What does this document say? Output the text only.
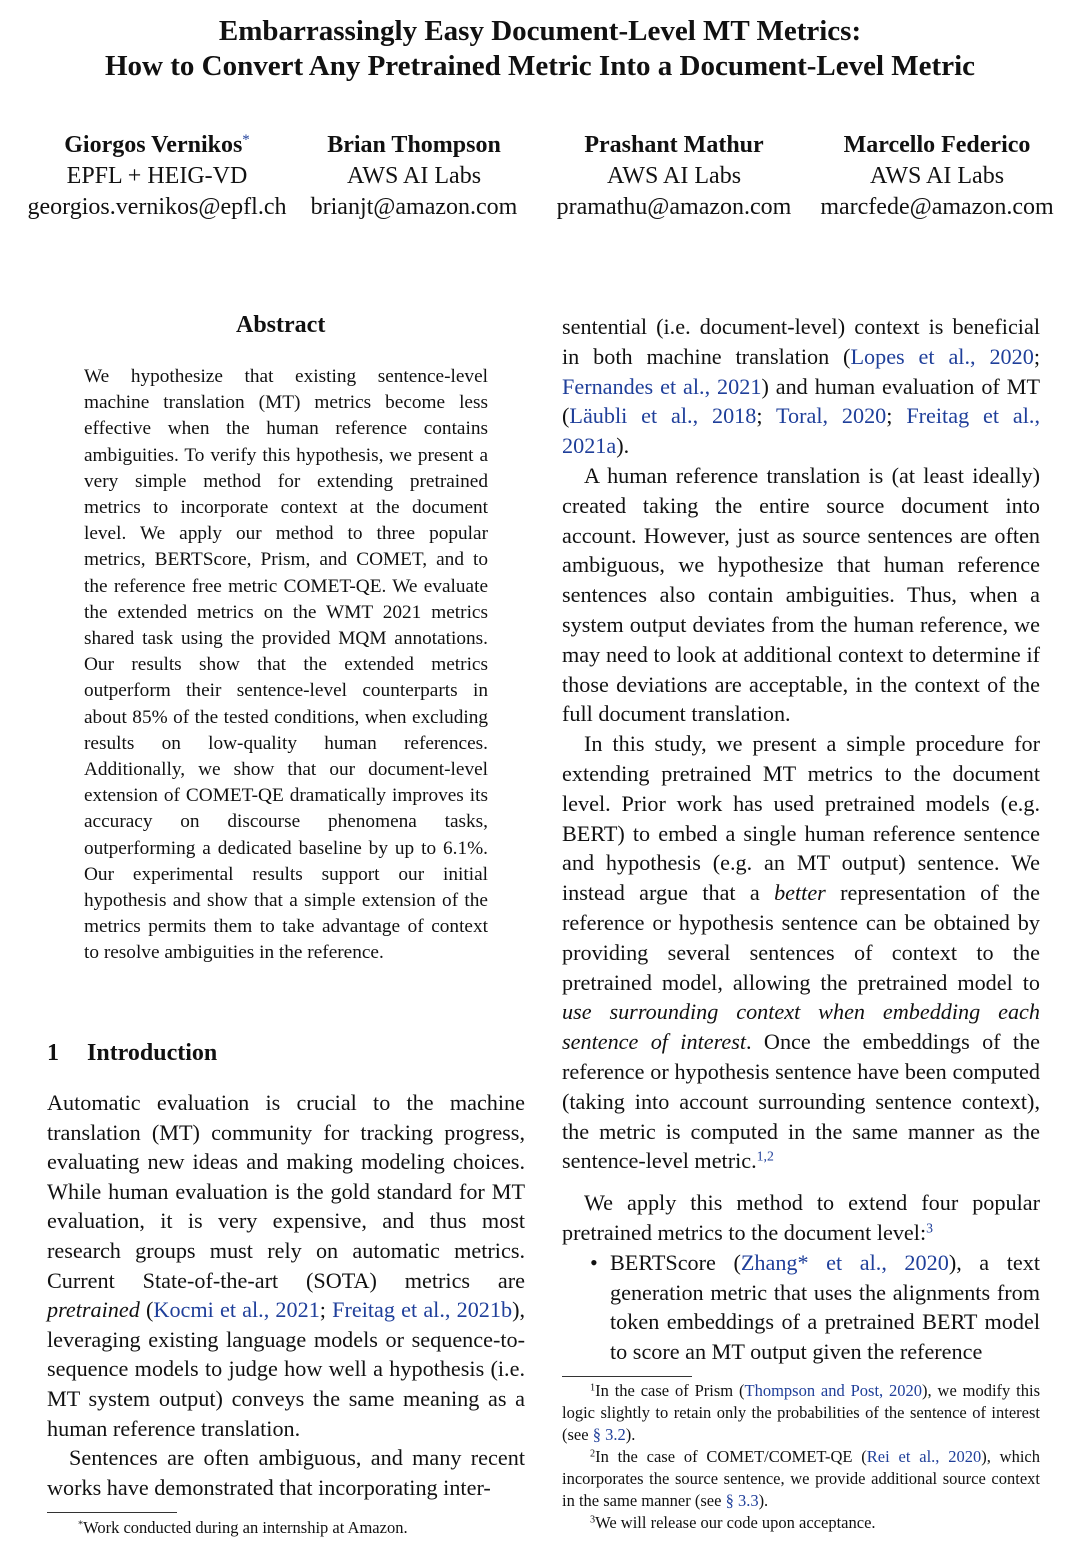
Embarrassingly Easy Document-Level MT Metrics:
How to Convert Any Pretrained Metric Into a Document-Level Metric
Giorgos Vernikos*
EPFL + HEIG-VD
georgios.vernikos@epfl.ch
Brian Thompson
AWS AI Labs
brianjt@amazon.com
Prashant Mathur
AWS AI Labs
pramathu@amazon.com
Marcello Federico
AWS AI Labs
marcfede@amazon.com
Abstract

We hypothesize that existing sentence-level machine translation (MT) metrics become less effective when the human reference contains ambiguities. To verify this hypothesis, we present a very simple method for extending pretrained metrics to incorporate context at the document level. We apply our method to three popular metrics, BERTScore, Prism, and COMET, and to the reference free metric COMET-QE. We evaluate the extended metrics on the WMT 2021 metrics shared task using the provided MQM annotations. Our results show that the extended metrics outperform their sentence-level counterparts in about 85% of the tested conditions, when excluding results on low-quality human references. Additionally, we show that our document-level extension of COMET-QE dramatically improves its accuracy on discourse phenomena tasks, outperforming a dedicated baseline by up to 6.1%. Our experimental results support our initial hypothesis and show that a simple extension of the metrics permits them to take advantage of context to resolve ambiguities in the reference.

1 Introduction

Automatic evaluation is crucial to the machine translation (MT) community for tracking progress, evaluating new ideas and making modeling choices. While human evaluation is the gold standard for MT evaluation, it is very expensive, and thus most research groups must rely on automatic metrics. Current State-of-the-art (SOTA) metrics are pretrained (Kocmi et al., 2021; Freitag et al., 2021b), leveraging existing language models or sequence-to-sequence models to judge how well a hypothesis (i.e. MT system output) conveys the same meaning as a human reference translation.

Sentences are often ambiguous, and many recent works have demonstrated that incorporating inter-

*Work conducted during an internship at Amazon.

sentential (i.e. document-level) context is beneficial in both machine translation (Lopes et al., 2020; Fernandes et al., 2021) and human evaluation of MT (Läubli et al., 2018; Toral, 2020; Freitag et al., 2021a).

A human reference translation is (at least ideally) created taking the entire source document into account. However, just as source sentences are often ambiguous, we hypothesize that human reference sentences also contain ambiguities. Thus, when a system output deviates from the human reference, we may need to look at additional context to determine if those deviations are acceptable, in the context of the full document translation.

In this study, we present a simple procedure for extending pretrained MT metrics to the document level. Prior work has used pretrained models (e.g. BERT) to embed a single human reference sentence and hypothesis (e.g. an MT output) sentence. We instead argue that a better representation of the reference or hypothesis sentence can be obtained by providing several sentences of context to the pretrained model, allowing the pretrained model to use surrounding context when embedding each sentence of interest. Once the embeddings of the reference or hypothesis sentence have been computed (taking into account surrounding sentence context), the metric is computed in the same manner as the sentence-level metric.$^{1,2}$

We apply this method to extend four popular pretrained metrics to the document level:$^3$

• BERTScore (Zhang* et al., 2020), a text generation metric that uses the alignments from token embeddings of a pretrained BERT model to score an MT output given the reference

$^1$In the case of Prism (Thompson and Post, 2020), we modify this logic slightly to retain only the probabilities of the sentence of interest (see § 3.2).

$^2$In the case of COMET/COMET-QE (Rei et al., 2020), which incorporates the source sentence, we provide additional source context in the same manner (see § 3.3).

$^3$We will release our code upon acceptance.
